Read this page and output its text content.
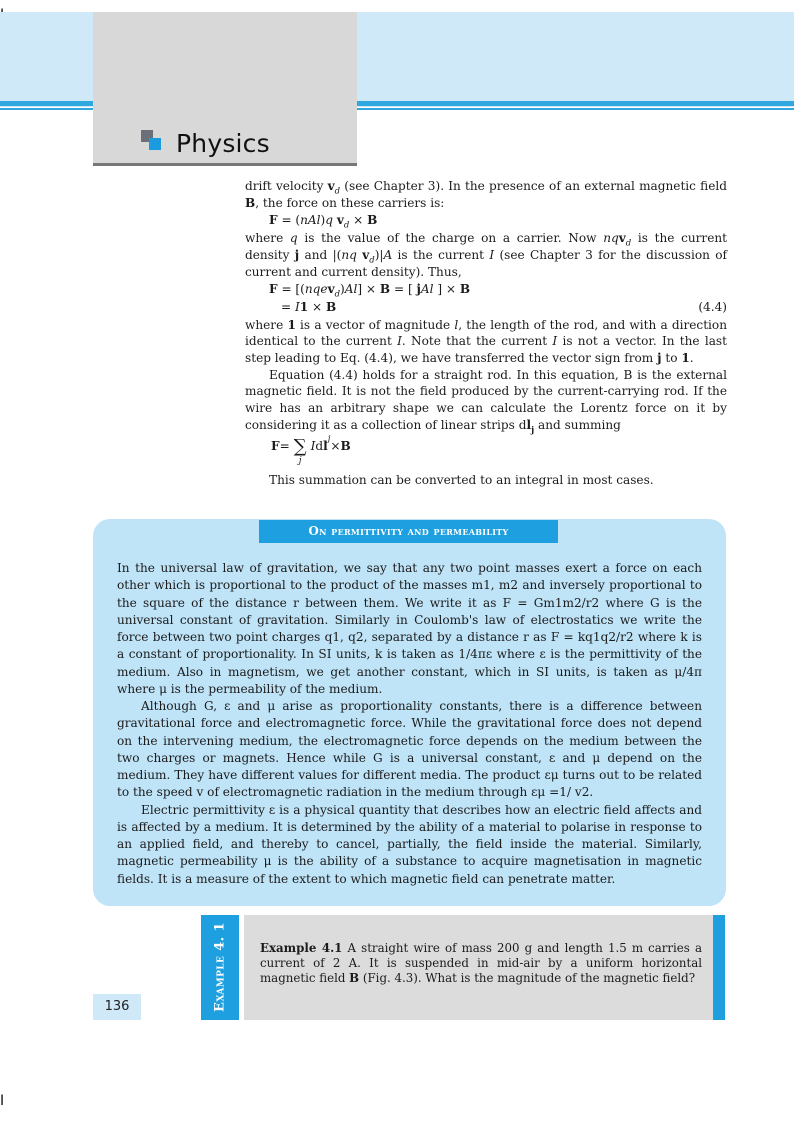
I
Physics

drift velocity $v_d$ (see Chapter 3). In the presence of an external magnetic field B, the force on these carriers is:

F = (nAl)q $v_d \times B$

where q is the value of the charge on a carrier. Now nqv$_d$ is the current density j and |(nq $v_d)|A$ is the current I (see Chapter 3 for the discussion of current and current density). Thus,

F = [(nqev$_d$)Al] × B = [ jAl ] × B

= I1 × B	(4.4)

where 1 is a vector of magnitude l, the length of the rod, and with a direction identical to the current I. Note that the current I is not a vector. In the last step leading to Eq. (4.4), we have transferred the vector sign from j to 1.

Equation (4.4) holds for a straight rod. In this equation, B is the external magnetic field. It is not the field produced by the current-carrying rod. If the wire has an arbitrary shape we can calculate the Lorentz force on it by considering it as a collection of linear strips $dl_j$ and summing

F = ∑
j
I d l
j
× B

This summation can be converted to an integral in most cases.

On permittivity and permeability

In the universal law of gravitation, we say that any two point masses exert a force on each other which is proportional to the product of the masses m1, m2 and inversely proportional to the square of the distance r between them. We write it as F = Gm1m2/r2 where G is the universal constant of gravitation. Similarly in Coulomb's law of electrostatics we write the force between two point charges q1, q2, separated by a distance r as F = kq1q2/r2 where k is a constant of proportionality. In SI units, k is taken as 1/4πε where ε is the permittivity of the medium. Also in magnetism, we get another constant, which in SI units, is taken as μ/4π where μ is the permeability of the medium.

Although G, ε and μ arise as proportionality constants, there is a difference between gravitational force and electromagnetic force. While the gravitational force does not depend on the intervening medium, the electromagnetic force depends on the medium between the two charges or magnets. Hence while G is a universal constant, ε and μ depend on the medium. They have different values for different media. The product εμ turns out to be related to the speed v of electromagnetic radiation in the medium through εμ =1/ v2.

Electric permittivity ε is a physical quantity that describes how an electric field affects and is affected by a medium. It is determined by the ability of a material to polarise in response to an applied field, and thereby to cancel, partially, the field inside the material. Similarly, magnetic permeability μ is the ability of a substance to acquire magnetisation in magnetic fields. It is a measure of the extent to which magnetic field can penetrate matter.

Example 4. 1	Example 4.1 A straight wire of mass 200 g and length 1.5 m carries a current of 2 A. It is suspended in mid-air by a uniform horizontal magnetic field B (Fig. 4.3). What is the magnitude of the magnetic field?
136
